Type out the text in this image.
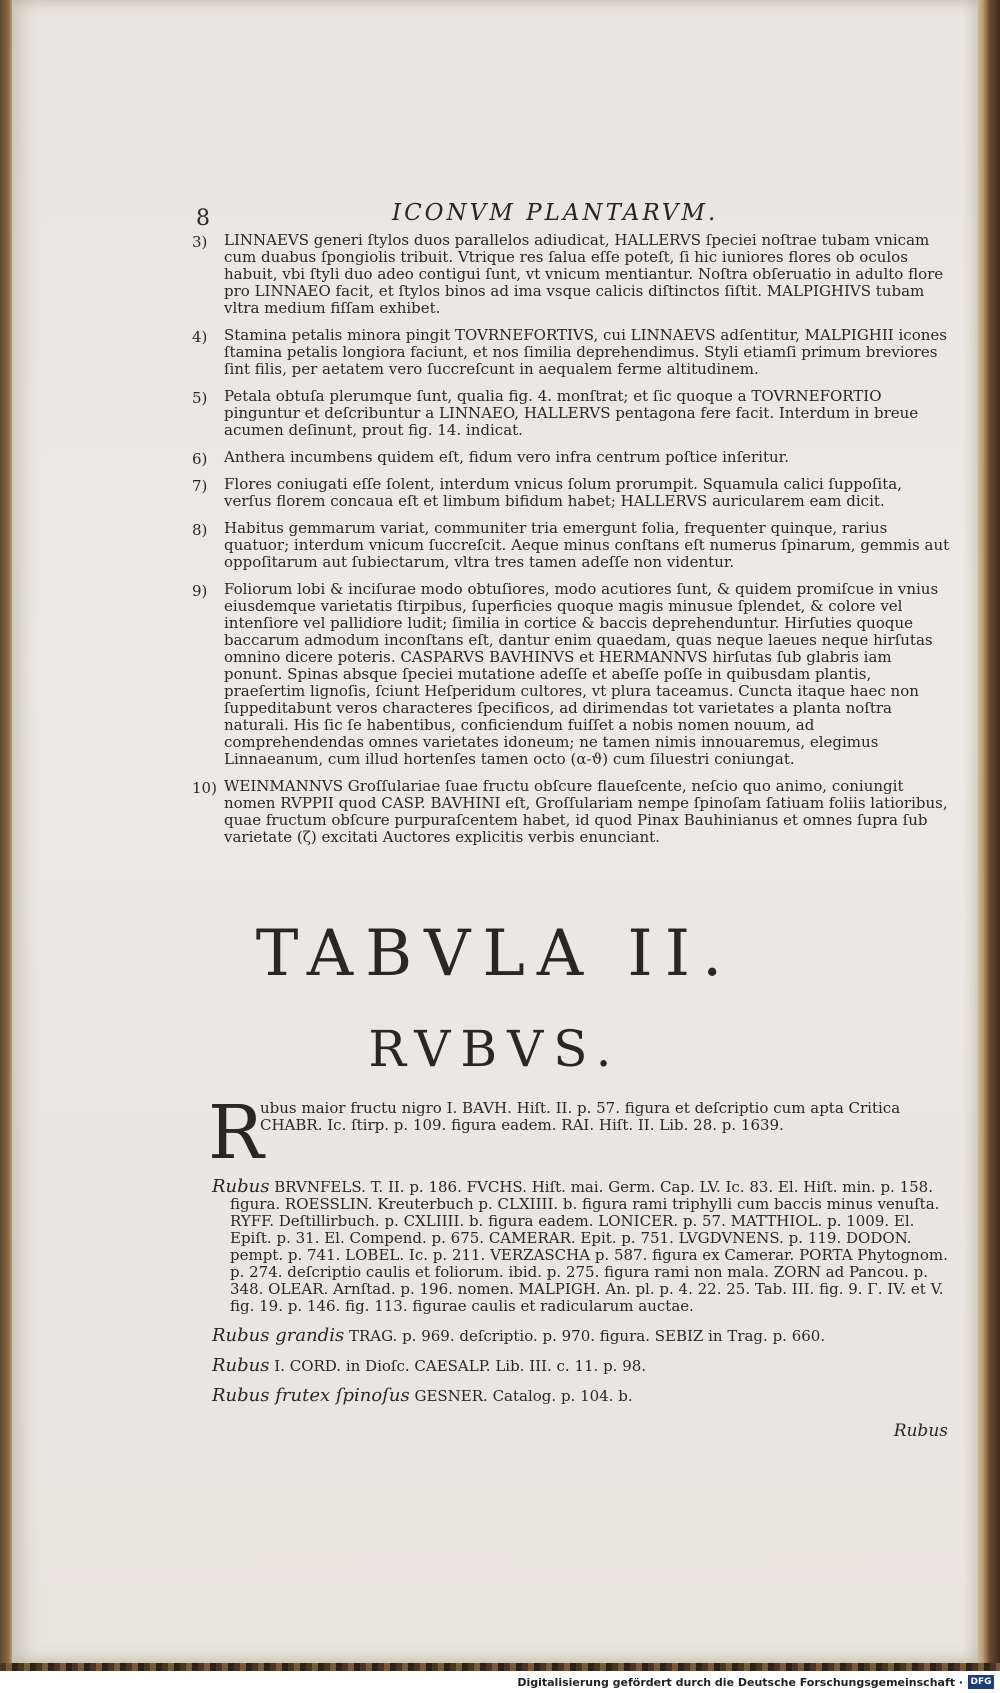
8	ICONVM PLANTARVM.
3) LINNAEVS generi ſtylos duos parallelos adiudicat, HALLERVS ſpeciei noſtrae tubam vnicam cum duabus ſpongiolis tribuit. Vtrique res ſalua eſſe poteſt, ſi hic iuniores flores ob oculos habuit, vbi ſtyli duo adeo contigui ſunt, vt vnicum mentiantur. Noſtra obſeruatio in adulto flore pro LINNAEO facit, et ſtylos binos ad ima vsque calicis diſtinctos ſiſtit. MALPIGHIVS tubam vltra medium fiſſam exhibet.

4) Stamina petalis minora pingit TOVRNEFORTIVS, cui LINNAEVS adſentitur, MALPIGHII icones ſtamina petalis longiora faciunt, et nos ſimilia deprehendimus. Styli etiamſi primum breviores ſint filis, per aetatem vero ſuccreſcunt in aequalem ferme altitudinem.

5) Petala obtuſa plerumque ſunt, qualia fig. 4. monſtrat; et ſic quoque a TOVRNEFORTIO pinguntur et deſcribuntur a LINNAEO, HALLERVS pentagona fere facit. Interdum in breue acumen deſinunt, prout fig. 14. indicat.

6) Anthera incumbens quidem eſt, fidum vero infra centrum poſtice inſeritur.

7) Flores coniugati eſſe ſolent, interdum vnicus ſolum prorumpit. Squamula calici ſuppoſita, verſus florem concaua eſt et limbum bifidum habet; HALLERVS auricularem eam dicit.

8) Habitus gemmarum variat, communiter tria emergunt folia, frequenter quinque, rarius quatuor; interdum vnicum ſuccreſcit. Aeque minus conſtans eſt numerus ſpinarum, gemmis aut oppoſitarum aut ſubiectarum, vltra tres tamen adeſſe non videntur.

9) Foliorum lobi & inciſurae modo obtuſiores, modo acutiores ſunt, & quidem promiſcue in vnius eiusdemque varietatis ſtirpibus, ſuperficies quoque magis minusue ſplendet, & colore vel intenſiore vel pallidiore ludit; ſimilia in cortice & baccis deprehenduntur. Hirſuties quoque baccarum admodum inconſtans eſt, dantur enim quaedam, quas neque laeues neque hirſutas omnino dicere poteris. CASPARVS BAVHINVS et HERMANNVS hirſutas ſub glabris iam ponunt. Spinas absque ſpeciei mutatione adeſſe et abeſſe poſſe in quibusdam plantis, praeſertim lignoſis, ſciunt Heſperidum cultores, vt plura taceamus. Cuncta itaque haec non ſuppeditabunt veros characteres ſpecificos, ad dirimendas tot varietates a planta noſtra naturali. His ſic ſe habentibus, conficiendum fuiſſet a nobis nomen nouum, ad comprehendendas omnes varietates idoneum; ne tamen nimis innouaremus, elegimus Linnaeanum, cum illud hortenſes tamen octo (α-ϑ) cum ſiluestri coniungat.

10) WEINMANNVS Groſſulariae ſuae fructu obſcure flaueſcente, neſcio quo animo, coniungit nomen RVPPII quod CASP. BAVHINI eſt, Groſſulariam nempe ſpinoſam ſatiuam foliis latioribus, quae fructum obſcure purpuraſcentem habet, id quod Pinax Bauhinianus et omnes ſupra ſub varietate (ζ) excitati Auctores explicitis verbis enunciant.

TABVLA II.
RVBVS.

R
ubus maior fructu nigro I. BAVH. Hiſt. II. p. 57. figura et deſcriptio cum apta Critica CHABR. Ic. ſtirp. p. 109. figura eadem. RAI. Hiſt. II. Lib. 28. p. 1639.

Rubus BRVNFELS. T. II. p. 186. FVCHS. Hiſt. mai. Germ. Cap. LV. Ic. 83. El. Hiſt. min. p. 158. figura. ROESSLIN. Kreuterbuch p. CLXIIII. b. figura rami triphylli cum baccis minus venuſta. RYFF. Deſtillirbuch. p. CXLIIII. b. figura eadem. LONICER. p. 57. MATTHIOL. p. 1009. El. Epiſt. p. 31. El. Compend. p. 675. CAMERAR. Epit. p. 751. LVGDVNENS. p. 119. DODON. pempt. p. 741. LOBEL. Ic. p. 211. VERZASCHA p. 587. figura ex Camerar. PORTA Phytognom. p. 274. deſcriptio caulis et foliorum. ibid. p. 275. figura rami non mala. ZORN ad Pancou. p. 348. OLEAR. Arnſtad. p. 196. nomen. MALPIGH. An. pl. p. 4. 22. 25. Tab. III. fig. 9. Γ. IV. et V. fig. 19. p. 146. fig. 113. figurae caulis et radicularum auctae.

Rubus grandis TRAG. p. 969. deſcriptio. p. 970. figura. SEBIZ in Trag. p. 660.

Rubus I. CORD. in Dioſc. CAESALP. Lib. III. c. 11. p. 98.

Rubus frutex ſpinoſus GESNER. Catalog. p. 104. b.

Rubus
Digitalisierung gefördert durch die Deutsche Forschungsgemeinschaft · DFG
